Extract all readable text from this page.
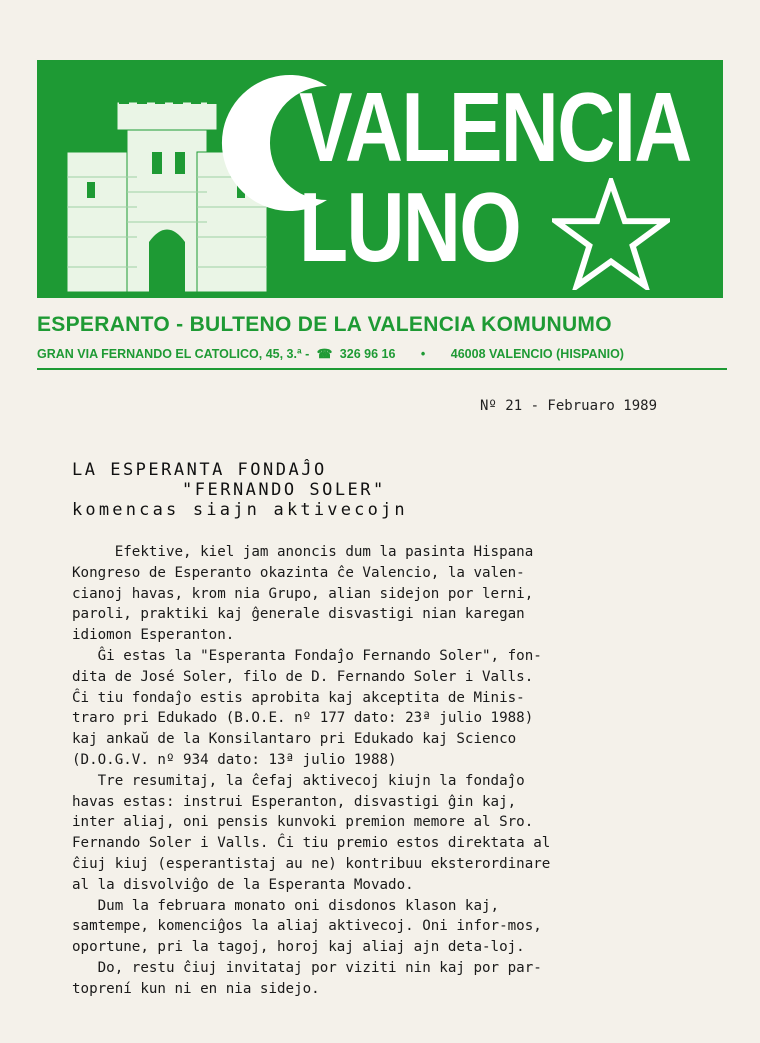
VALENCIA
LUNO
ESPERANTO - BULTENO DE LA VALENCIA KOMUNUMO
GRAN VIA FERNANDO EL CATOLICO, 45, 3.ª - ☎ 326 96 16 • 46008 VALENCIO (HISPANIO)
Nº 21 - Februaro 1989
LA ESPERANTA FONDAĴO
"FERNANDO SOLER"
komencas siajn aktivecojn

Efektive, kiel jam anoncis dum la pasinta Hispana

Kongreso de Esperanto okazinta ĉe Valencio, la valen-

cianoj havas, krom nia Grupo, alian sidejon por lerni,

paroli, praktiki kaj ĝenerale disvastigi nian karegan

idiomon Esperanton.

Ĝi estas la "Esperanta Fondaĵo Fernando Soler", fon-

dita de José Soler, filo de D. Fernando Soler i Valls.

Ĉi tiu fondaĵo estis aprobita kaj akceptita de Minis-

traro pri Edukado (B.O.E. nº 177 dato: 23ª julio 1988)

kaj ankaŭ de la Konsilantaro pri Edukado kaj Scienco

(D.O.G.V. nº 934 dato: 13ª julio 1988)

Tre resumitaj, la ĉefaj aktivecoj kiujn la fondaĵo

havas estas: instrui Esperanton, disvastigi ĝin kaj,

inter aliaj, oni pensis kunvoki premion memore al Sro.

Fernando Soler i Valls. Ĉi tiu premio estos direktata al

ĉiuj kiuj (esperantistaj au ne) kontribuu eksterordinare

al la disvolviĝo de la Esperanta Movado.

Dum la februara monato oni disdonos klason kaj,

samtempe, komenciĝos la aliaj aktivecoj. Oni infor-mos,

oportune, pri la tagoj, horoj kaj aliaj ajn deta-loj.

Do, restu ĉiuj invitataj por viziti nin kaj por par-

toprení kun ni en nia sidejo.
